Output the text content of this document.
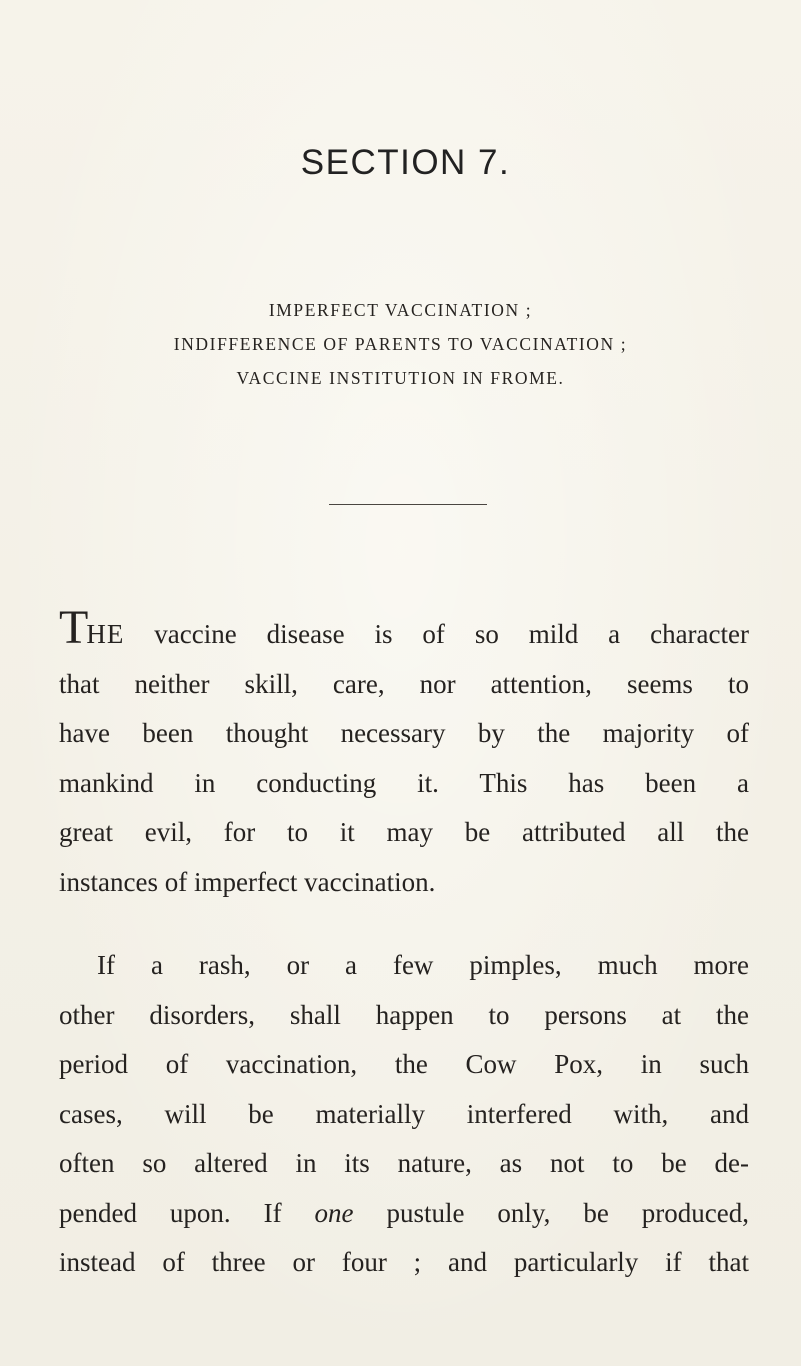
SECTION 7.
IMPERFECT VACCINATION ;
INDIFFERENCE OF PARENTS TO VACCINATION ;
VACCINE INSTITUTION IN FROME.
THE vaccine disease is of so mild a character
that neither skill, care, nor attention, seems to
have been thought necessary by the majority of
mankind in conducting it. This has been a
great evil, for to it may be attributed all the
instances of imperfect vaccination.
If a rash, or a few pimples, much more
other disorders, shall happen to persons at the
period of vaccination, the Cow Pox, in such
cases, will be materially interfered with, and
often so altered in its nature, as not to be de-
pended upon. If one pustule only, be produced,
instead of three or four ; and particularly if that
